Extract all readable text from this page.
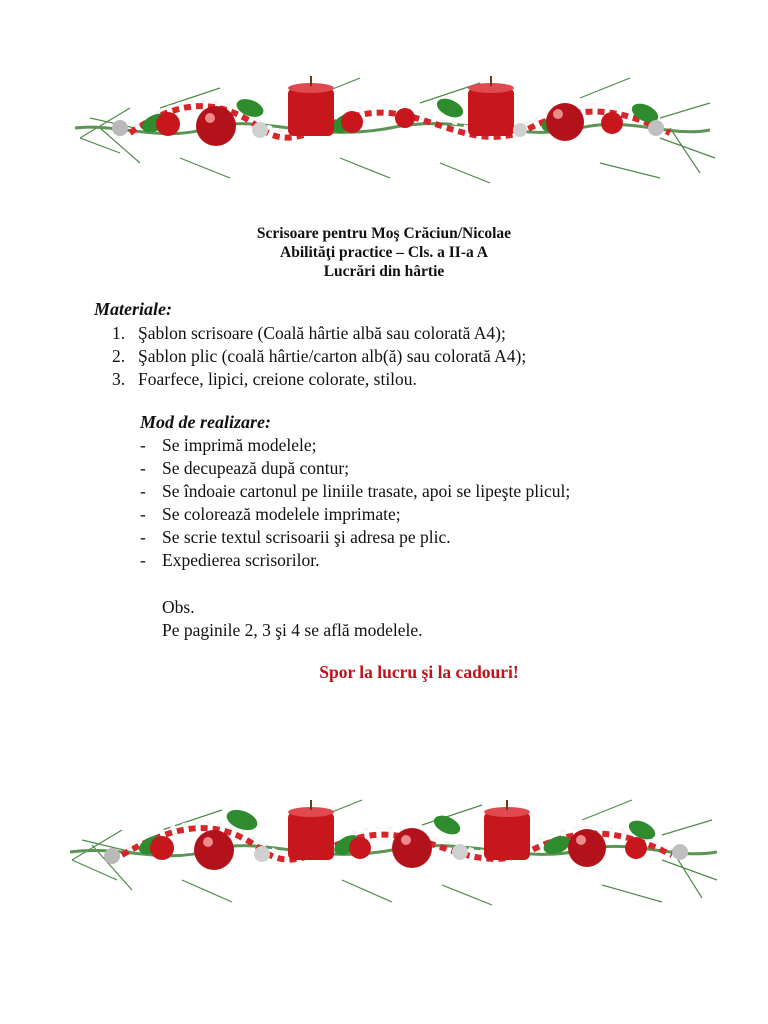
Scrisoare pentru Moş Crăciun/Nicolae
Abilităţi practice – Cls. a II-a A
Lucrări din hârtie
Materiale:
1. Şablon scrisoare (Coală hârtie albă sau colorată A4);
2. Şablon plic (coală hârtie/carton alb(ă) sau colorată A4);
3. Foarfece, lipici, creione colorate, stilou.
Mod de realizare:
- Se imprimă modelele;
- Se decupează după contur;
- Se îndoaie cartonul pe liniile trasate, apoi se lipeşte plicul;
- Se colorează modelele imprimate;
- Se scrie textul scrisoarii şi adresa pe plic.
- Expedierea scrisorilor.
Obs.
Pe paginile 2, 3 şi 4 se află modelele.
Spor la lucru şi la cadouri!
